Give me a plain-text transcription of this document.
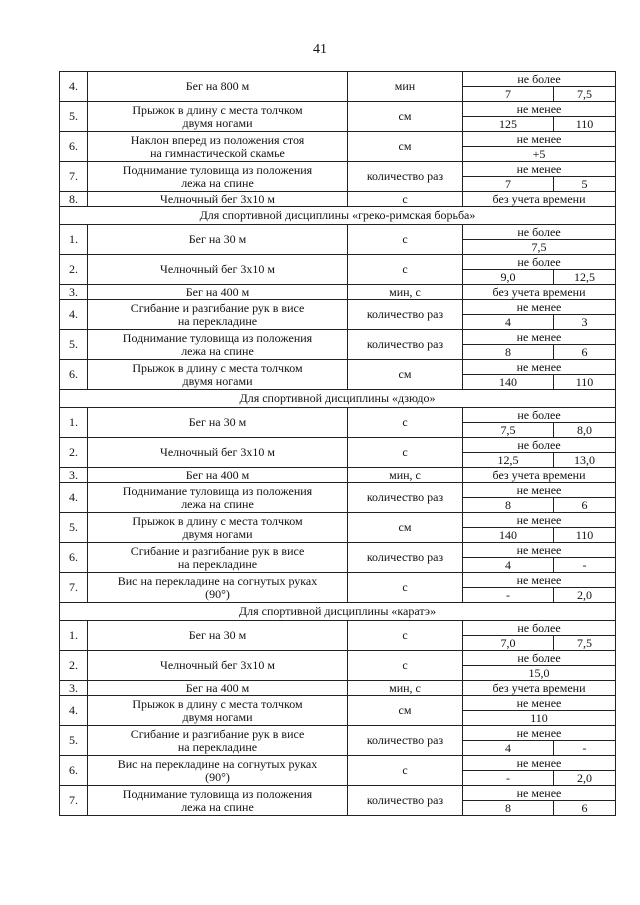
41
4.	Бег на 800 м	мин	не более	
			7	7,5
5.	Прыжок в длину с места толчком
двумя ногами	см	не менее	
			125	110
6.	Наклон вперед из положения стоя
на гимнастической скамье	см	не менее	
			+5	
7.	Поднимание туловища из положения
лежа на спине	количество раз	не менее	
			7	5
8.	Челночный бег 3х10 м	с	без учета времени	
Для спортивной дисциплины «греко-римская борьба»				
1.	Бег на 30 м	с	не более	
			7,5	
2.	Челночный бег 3х10 м	с	не более	
			9,0	12,5
3.	Бег на 400 м	мин, с	без учета времени	
4.	Сгибание и разгибание рук в висе
на перекладине	количество раз	не менее	
			4	3
5.	Поднимание туловища из положения
лежа на спине	количество раз	не менее	
			8	6
6.	Прыжок в длину с места толчком
двумя ногами	см	не менее	
			140	110
Для спортивной дисциплины «дзюдо»				
1.	Бег на 30 м	с	не более	
			7,5	8,0
2.	Челночный бег 3х10 м	с	не более	
			12,5	13,0
3.	Бег на 400 м	мин, с	без учета времени	
4.	Поднимание туловища из положения
лежа на спине	количество раз	не менее	
			8	6
5.	Прыжок в длину с места толчком
двумя ногами	см	не менее	
			140	110
6.	Сгибание и разгибание рук в висе
на перекладине	количество раз	не менее	
			4	-
7.	Вис на перекладине на согнутых руках
(90°)	с	не менее	
			-	2,0
Для спортивной дисциплины «каратэ»				
1.	Бег на 30 м	с	не более	
			7,0	7,5
2.	Челночный бег 3х10 м	с	не более	
			15,0	
3.	Бег на 400 м	мин, с	без учета времени	
4.	Прыжок в длину с места толчком
двумя ногами	см	не менее	
			110	
5.	Сгибание и разгибание рук в висе
на перекладине	количество раз	не менее	
			4	-
6.	Вис на перекладине на согнутых руках
(90°)	с	не менее	
			-	2,0
7.	Поднимание туловища из положения
лежа на спине	количество раз	не менее	
			8	6
